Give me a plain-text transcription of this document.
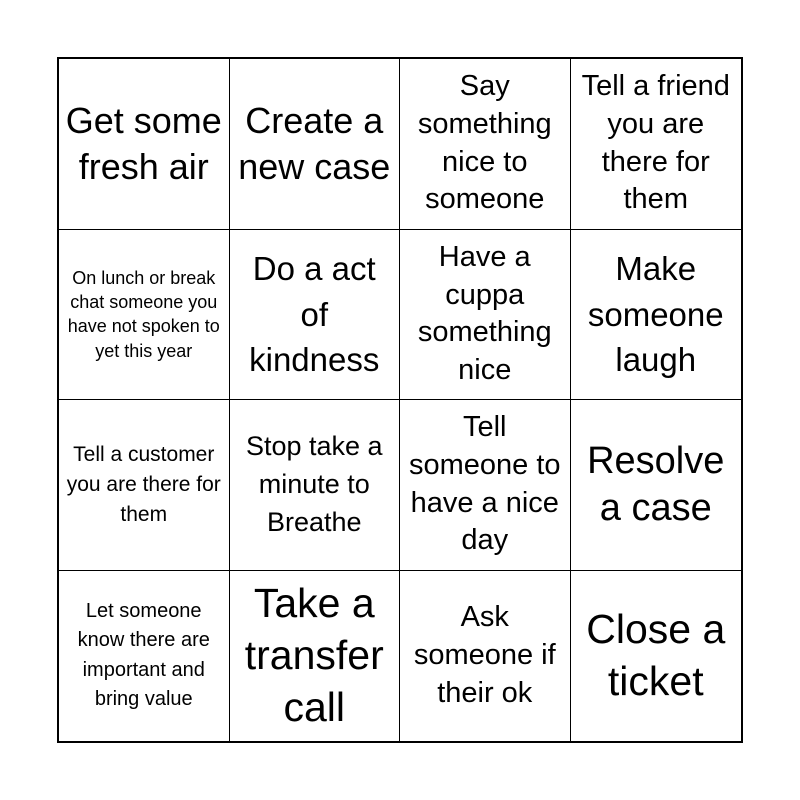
Get some fresh air
Create a new case
Say something nice to someone
Tell a friend you are there for them
On lunch or break chat someone you have not spoken to yet this year
Do a act of kindness
Have a cuppa something nice
Make someone laugh
Tell a customer you are there for them
Stop take a minute to Breathe
Tell someone to have a nice day
Resolve a case
Let someone know there are important and bring value
Take a transfer call
Ask someone if their ok
Close a ticket
